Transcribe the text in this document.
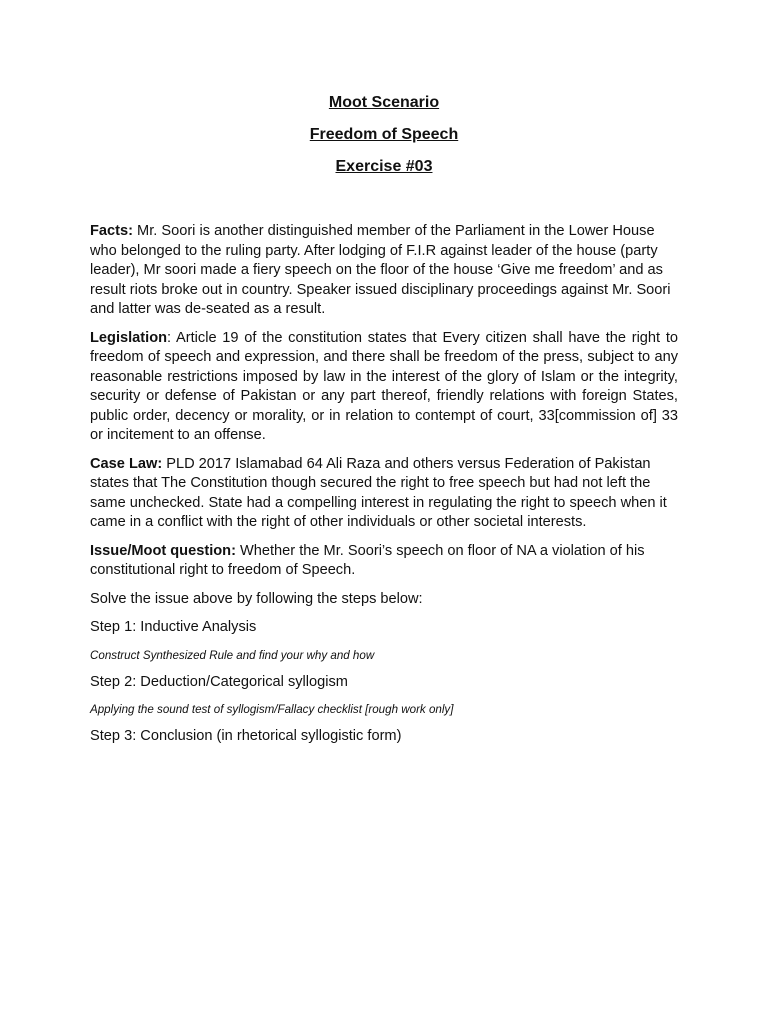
Moot Scenario
Freedom of Speech
Exercise #03

Facts: Mr. Soori is another distinguished member of the Parliament in the Lower House who belonged to the ruling party. After lodging of F.I.R against leader of the house (party leader), Mr soori made a fiery speech on the floor of the house ‘Give me freedom’ and as result riots broke out in country. Speaker issued disciplinary proceedings against Mr. Soori and latter was de-seated as a result.

Legislation: Article 19 of the constitution states that Every citizen shall have the right to freedom of speech and expression, and there shall be freedom of the press, subject to any reasonable restrictions imposed by law in the interest of the glory of Islam or the integrity, security or defense of Pakistan or any part thereof, friendly relations with foreign States, public order, decency or morality, or in relation to contempt of court, 33[commission of] 33 or incitement to an offense.

Case Law: PLD 2017 Islamabad 64 Ali Raza and others versus Federation of Pakistan states that The Constitution though secured the right to free speech but had not left the same unchecked. State had a compelling interest in regulating the right to speech when it came in a conflict with the right of other individuals or other societal interests.

Issue/Moot question: Whether the Mr. Soori’s speech on floor of NA a violation of his constitutional right to freedom of Speech.

Solve the issue above by following the steps below:

Step 1: Inductive Analysis

Construct Synthesized Rule and find your why and how

Step 2: Deduction/Categorical syllogism

Applying the sound test of syllogism/Fallacy checklist [rough work only]

Step 3: Conclusion (in rhetorical syllogistic form)
